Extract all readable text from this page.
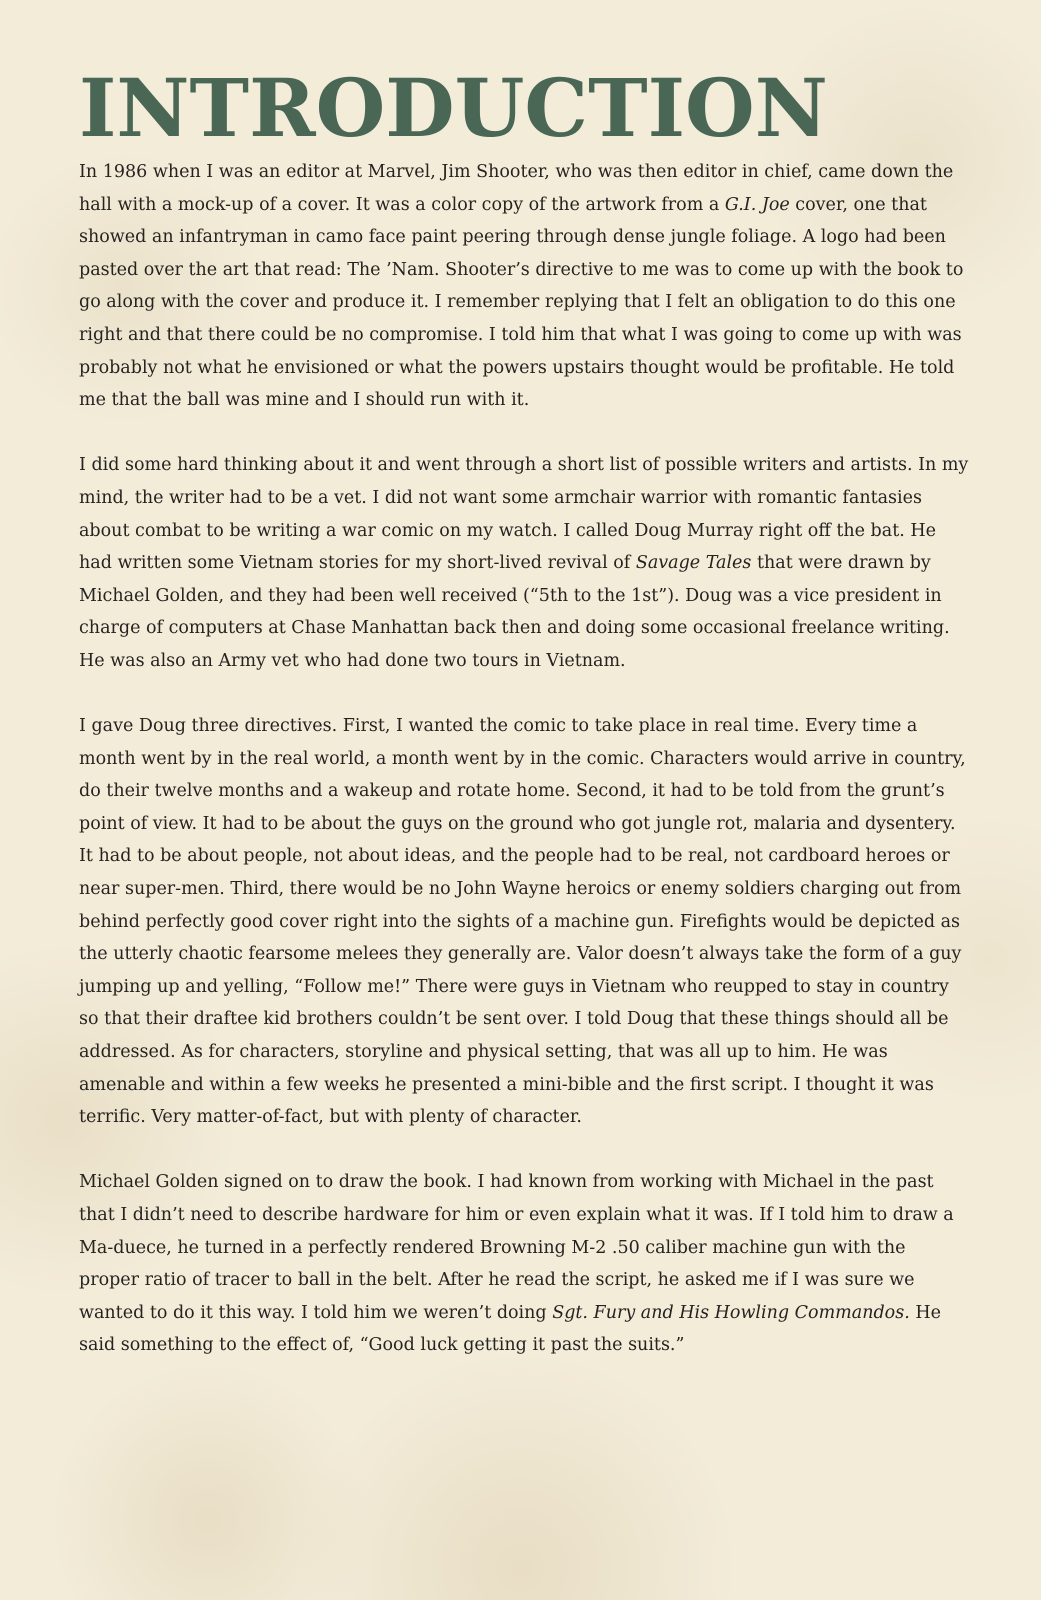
INTRODUCTION

In 1986 when I was an editor at Marvel, Jim Shooter, who was then editor in chief, came down the hall with a mock-up of a cover. It was a color copy of the artwork from a G.I. Joe cover, one that showed an infantryman in camo face paint peering through dense jungle foliage. A logo had been pasted over the art that read: The ’Nam. Shooter’s directive to me was to come up with the book to go along with the cover and produce it. I remember replying that I felt an obligation to do this one right and that there could be no compromise. I told him that what I was going to come up with was probably not what he envisioned or what the powers upstairs thought would be profitable. He told me that the ball was mine and I should run with it.

I did some hard thinking about it and went through a short list of possible writers and artists. In my mind, the writer had to be a vet. I did not want some armchair warrior with romantic fantasies about combat to be writing a war comic on my watch. I called Doug Murray right off the bat. He had written some Vietnam stories for my short-lived revival of Savage Tales that were drawn by Michael Golden, and they had been well received (“5th to the 1st”). Doug was a vice president in charge of computers at Chase Manhattan back then and doing some occasional freelance writing. He was also an Army vet who had done two tours in Vietnam.

I gave Doug three directives. First, I wanted the comic to take place in real time. Every time a month went by in the real world, a month went by in the comic. Characters would arrive in country, do their twelve months and a wakeup and rotate home. Second, it had to be told from the grunt’s point of view. It had to be about the guys on the ground who got jungle rot, malaria and dysentery. It had to be about people, not about ideas, and the people had to be real, not cardboard heroes or near super-men. Third, there would be no John Wayne heroics or enemy soldiers charging out from behind perfectly good cover right into the sights of a machine gun. Firefights would be depicted as the utterly chaotic fearsome melees they generally are. Valor doesn’t always take the form of a guy jumping up and yelling, “Follow me!” There were guys in Vietnam who reupped to stay in country so that their draftee kid brothers couldn’t be sent over. I told Doug that these things should all be addressed. As for characters, storyline and physical setting, that was all up to him. He was amenable and within a few weeks he presented a mini-bible and the first script. I thought it was terrific. Very matter-of-fact, but with plenty of character.

Michael Golden signed on to draw the book. I had known from working with Michael in the past that I didn’t need to describe hardware for him or even explain what it was. If I told him to draw a Ma-duece, he turned in a perfectly rendered Browning M-2 .50 caliber machine gun with the proper ratio of tracer to ball in the belt. After he read the script, he asked me if I was sure we wanted to do it this way. I told him we weren’t doing Sgt. Fury and His Howling Commandos. He said something to the effect of, “Good luck getting it past the suits.”
